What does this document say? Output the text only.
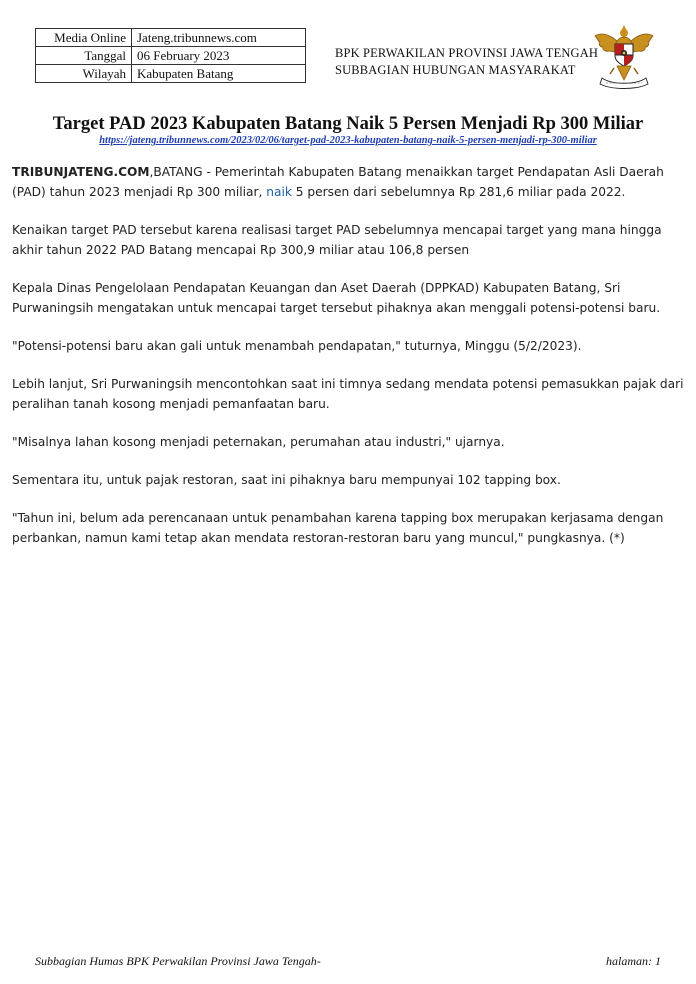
Media Online	Jateng.tribunnews.com
Tanggal	06 February 2023
Wilayah	Kabupaten Batang
BPK PERWAKILAN PROVINSI JAWA TENGAH
SUBBAGIAN HUBUNGAN MASYARAKAT
Target PAD 2023 Kabupaten Batang Naik 5 Persen Menjadi Rp 300 Miliar
https://jateng.tribunnews.com/2023/02/06/target-pad-2023-kabupaten-batang-naik-5-persen-menjadi-rp-300-miliar

TRIBUNJATENG.COM,BATANG - Pemerintah Kabupaten Batang menaikkan target Pendapatan Asli Daerah (PAD) tahun 2023 menjadi Rp 300 miliar, naik 5 persen dari sebelumnya Rp 281,6 miliar pada 2022.

Kenaikan target PAD tersebut karena realisasi target PAD sebelumnya mencapai target yang mana hingga akhir tahun 2022 PAD Batang mencapai Rp 300,9 miliar atau 106,8 persen

Kepala Dinas Pengelolaan Pendapatan Keuangan dan Aset Daerah (DPPKAD) Kabupaten Batang, Sri Purwaningsih mengatakan untuk mencapai target tersebut pihaknya akan menggali potensi-potensi baru.

"Potensi-potensi baru akan gali untuk menambah pendapatan," tuturnya, Minggu (5/2/2023).

Lebih lanjut, Sri Purwaningsih mencontohkan saat ini timnya sedang mendata potensi pemasukkan pajak dari peralihan tanah kosong menjadi pemanfaatan baru.

"Misalnya lahan kosong menjadi peternakan, perumahan atau industri," ujarnya.

Sementara itu, untuk pajak restoran, saat ini pihaknya baru mempunyai 102 tapping box.

"Tahun ini, belum ada perencanaan untuk penambahan karena tapping box merupakan kerjasama dengan perbankan, namun kami tetap akan mendata restoran-restoran baru yang muncul," pungkasnya. (*)

Subbagian Humas BPK Perwakilan Provinsi Jawa Tengah-	halaman: 1
